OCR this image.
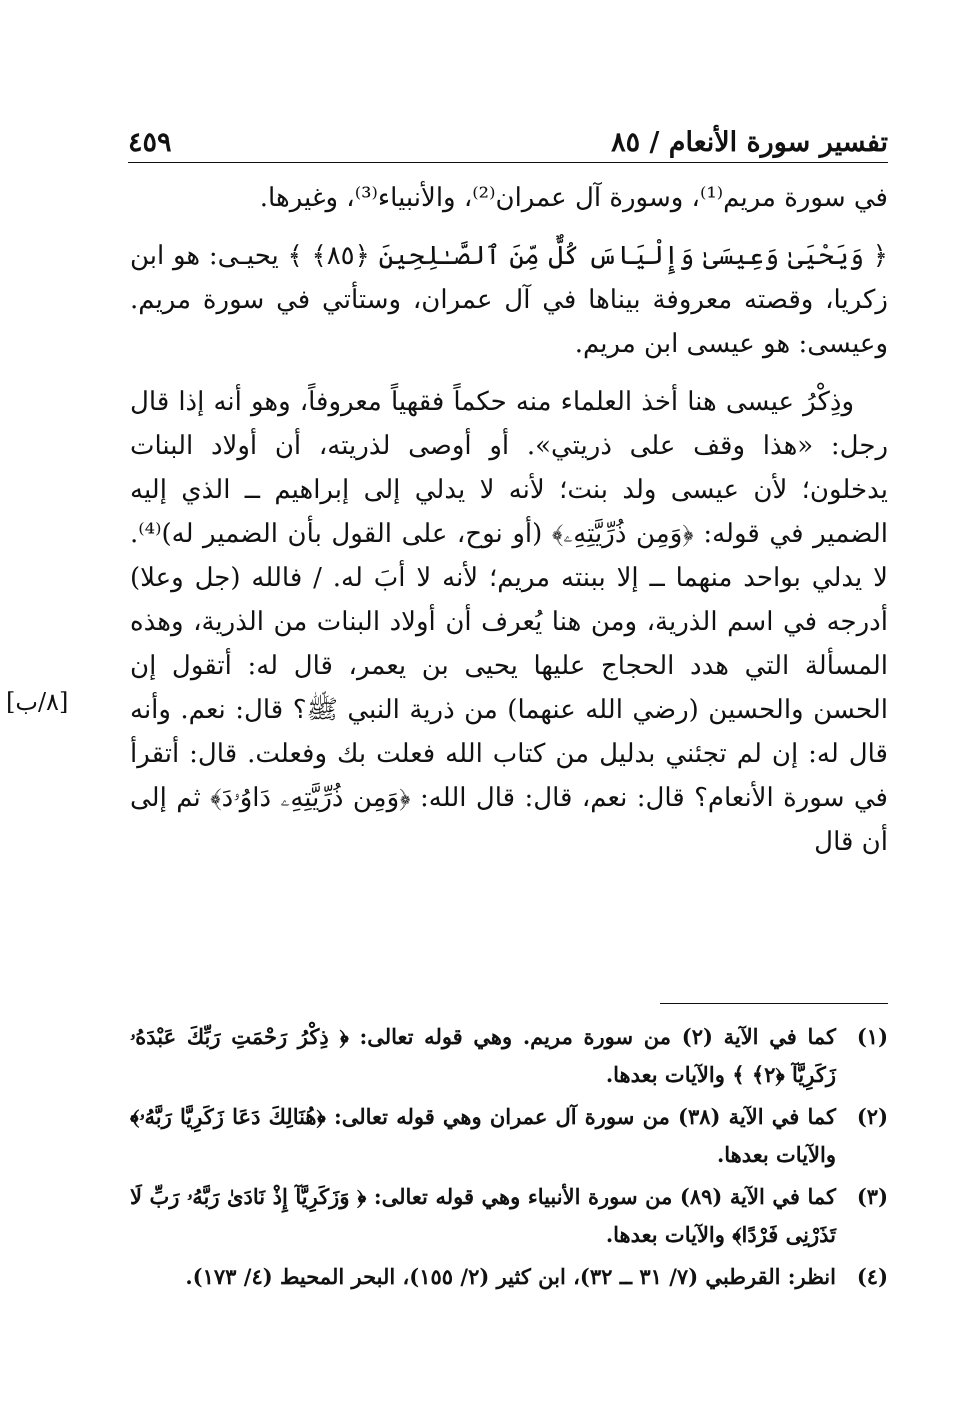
تفسير سورة الأنعام / ٨٥
٤٥٩

في سورة مريم⁽¹⁾، وسورة آل عمران⁽²⁾، والأنبياء⁽³⁾، وغيرها.

﴿ وَيَحْيَىٰ وَعِيسَىٰ وَإِلْيَاسَ كُلٌّ مِّنَ ٱلصَّـٰلِحِينَ ﴿٨٥﴾ ﴾ يحيـى: هو ابن زكريا، وقصته معروفة بيناها في آل عمران، وستأتي في سورة مريم. وعيسى: هو عيسى ابن مريم.

وذِكْرُ عيسى هنا أخذ العلماء منه حكماً فقهياً معروفاً، وهو أنه إذا قال رجل: «هذا وقف على ذريتي». أو أوصى لذريته، أن أولاد البنات يدخلون؛ لأن عيسى ولد بنت؛ لأنه لا يدلي إلى إبراهيم ــ الذي إليه الضمير في قوله: ﴿وَمِن ذُرِّيَّتِهِۦ﴾ (أو نوح، على القول بأن الضمير له)⁽⁴⁾. لا يدلي بواحد منهما ــ إلا ببنته مريم؛ لأنه لا أبَ له. / فالله (جل وعلا) أدرجه في اسم الذرية، ومن هنا يُعرف أن أولاد البنات من الذرية، وهذه المسألة التي هدد الحجاج عليها يحيى بن يعمر، قال له: أتقول إن الحسن والحسين (رضي الله عنهما) من ذرية النبي ﷺ؟ قال: نعم. وأنه قال له: إن لم تجئني بدليل من كتاب الله فعلت بك وفعلت. قال: أتقرأ في سورة الأنعام؟ قال: نعم، قال: قال الله: ﴿وَمِن ذُرِّيَّتِهِۦ دَاوُۥدَ﴾ ثم إلى أن قال

[٨/ب]
(١)
كما في الآية (٢) من سورة مريم. وهي قوله تعالى: ﴿ ذِكْرُ رَحْمَتِ رَبِّكَ عَبْدَهُۥ زَكَرِيَّآ ﴿٢﴾ ﴾ والآيات بعدها.
(٢)
كما في الآية (٣٨) من سورة آل عمران وهي قوله تعالى: ﴿هُنَالِكَ دَعَا زَكَرِيَّا رَبَّهُۥ﴾ والآيات بعدها.
(٣)
كما في الآية (٨٩) من سورة الأنبياء وهي قوله تعالى: ﴿ وَزَكَرِيَّآ إِذْ نَادَىٰ رَبَّهُۥ رَبِّ لَا تَذَرْنِى فَرْدًا﴾ والآيات بعدها.
(٤)
انظر: القرطبي (٧/ ٣١ ــ ٣٢)، ابن كثير (٢/ ١٥٥)، البحر المحيط (٤/ ١٧٣).
